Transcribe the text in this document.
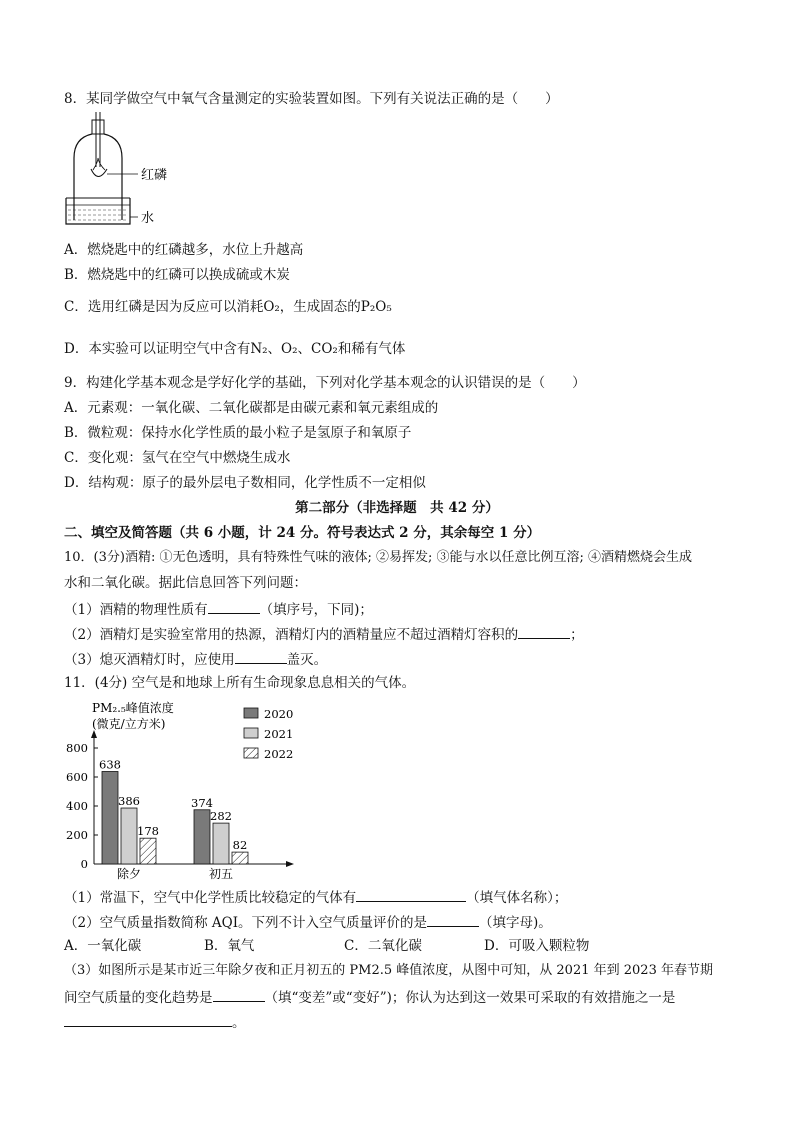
8．某同学做空气中氧气含量测定的实验装置如图。下列有关说法正确的是（　　）
红磷
水
A．燃烧匙中的红磷越多，水位上升越高
B．燃烧匙中的红磷可以换成硫或木炭
C．选用红磷是因为反应可以消耗O₂，生成固态的P₂O₅
D．本实验可以证明空气中含有N₂、O₂、CO₂和稀有气体
9．构建化学基本观念是学好化学的基础，下列对化学基本观念的认识错误的是（　　）
A．元素观：一氧化碳、二氧化碳都是由碳元素和氧元素组成的
B．微粒观：保持水化学性质的最小粒子是氢原子和氧原子
C．变化观：氢气在空气中燃烧生成水
D．结构观：原子的最外层电子数相同，化学性质不一定相似
第二部分（非选择题　共 42 分）
二、填空及简答题（共 6 小题，计 24 分。符号表达式 2 分，其余每空 1 分）
10．(3分)酒精: ①无色透明，具有特殊性气味的液体; ②易挥发; ③能与水以任意比例互溶; ④酒精燃烧会生成
水和二氧化碳。据此信息回答下列问题：
（1）酒精的物理性质有	（填序号，下同)；
（2）酒精灯是实验室常用的热源，酒精灯内的酒精量应不超过酒精灯容积的	；
（3）熄灭酒精灯时，应使用	盖灭。
11．(4分) 空气是和地球上所有生命现象息息相关的气体。
PM₂.₅峰值浓度
(微克/立方米)
0
200
400
600
800
638
386
178
除夕
374
282
82
初五
2020
2021
2022
（1）常温下，空气中化学性质比较稳定的气体有	（填气体名称）；
（2）空气质量指数简称 AQI。下列不计入空气质量评价的是	（填字母)。
A．一氧化碳	B．氧气	C．二氧化碳	D．可吸入颗粒物
（3）如图所示是某市近三年除夕夜和正月初五的 PM2.5 峰值浓度，从图中可知，从 2021 年到 2023 年春节期
间空气质量的变化趋势是	（填“变差”或“变好”)；你认为达到这一效果可采取的有效措施之一是
。
